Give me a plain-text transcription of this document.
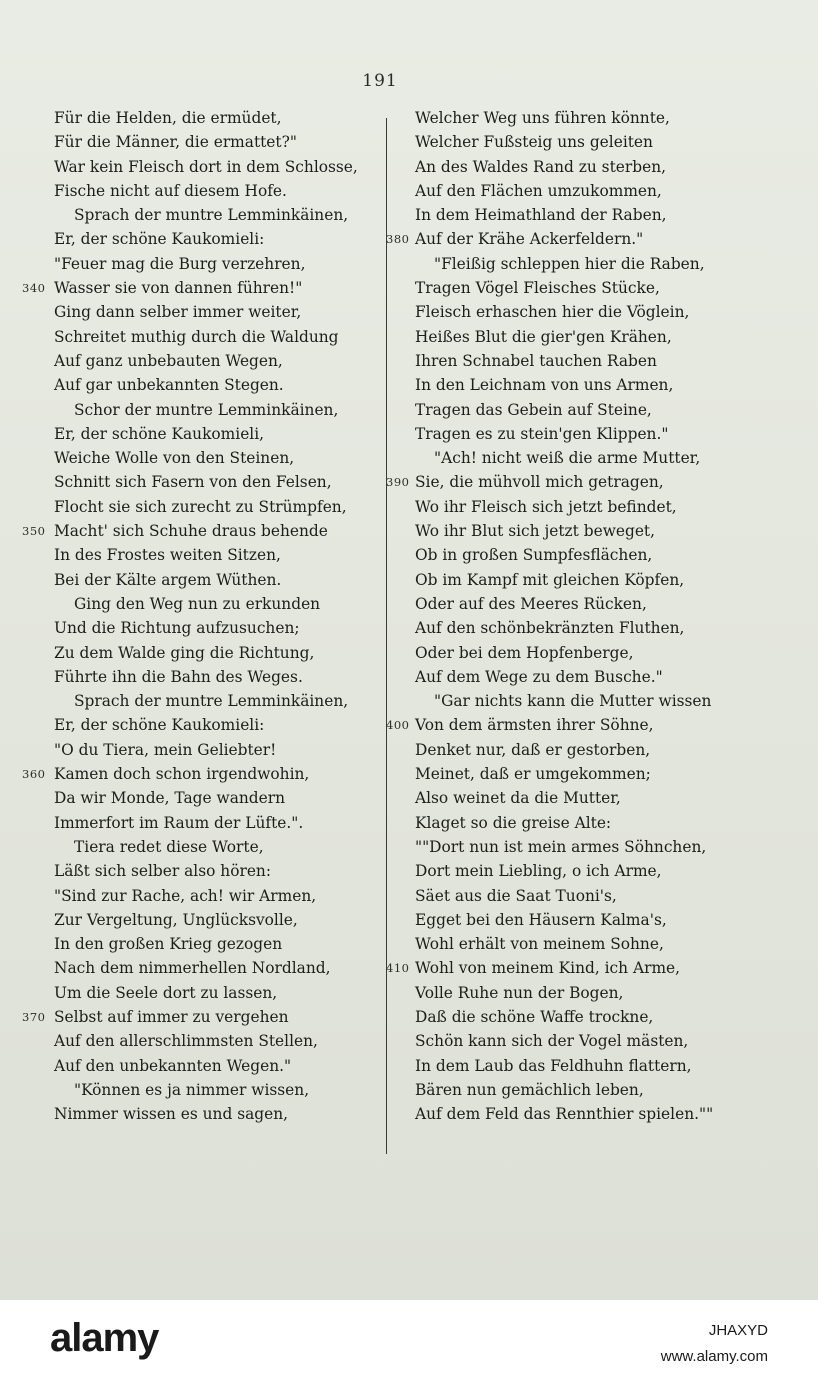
191
Für die Helden, die ermüdet,
Für die Männer, die ermattet?"
War kein Fleisch dort in dem Schlosse,
Fische nicht auf diesem Hofe.
Sprach der muntre Lemminkäinen,
Er, der schöne Kaukomieli:
"Feuer mag die Burg verzehren,
340 Wasser sie von dannen führen!"
Ging dann selber immer weiter,
Schreitet muthig durch die Waldung
Auf ganz unbebauten Wegen,
Auf gar unbekannten Stegen.
Schor der muntre Lemminkäinen,
Er, der schöne Kaukomieli,
Weiche Wolle von den Steinen,
Schnitt sich Fasern von den Felsen,
Flocht sie sich zurecht zu Strümpfen,
350 Macht' sich Schuhe draus behende
In des Frostes weiten Sitzen,
Bei der Kälte argem Wüthen.
Ging den Weg nun zu erkunden
Und die Richtung aufzusuchen;
Zu dem Walde ging die Richtung,
Führte ihn die Bahn des Weges.
Sprach der muntre Lemminkäinen,
Er, der schöne Kaukomieli:
"O du Tiera, mein Geliebter!
360 Kamen doch schon irgendwohin,
Da wir Monde, Tage wandern
Immerfort im Raum der Lüfte.".
Tiera redet diese Worte,
Läßt sich selber also hören:
"Sind zur Rache, ach! wir Armen,
Zur Vergeltung, Unglücksvolle,
In den großen Krieg gezogen
Nach dem nimmerhellen Nordland,
Um die Seele dort zu lassen,
370 Selbst auf immer zu vergehen
Auf den allerschlimmsten Stellen,
Auf den unbekannten Wegen."
"Können es ja nimmer wissen,
Nimmer wissen es und sagen,
Welcher Weg uns führen könnte,
Welcher Fußsteig uns geleiten
An des Waldes Rand zu sterben,
Auf den Flächen umzukommen,
In dem Heimathland der Raben,
380 Auf der Krähe Ackerfeldern."
"Fleißig schleppen hier die Raben,
Tragen Vögel Fleisches Stücke,
Fleisch erhaschen hier die Vöglein,
Heißes Blut die gier'gen Krähen,
Ihren Schnabel tauchen Raben
In den Leichnam von uns Armen,
Tragen das Gebein auf Steine,
Tragen es zu stein'gen Klippen."
"Ach! nicht weiß die arme Mutter,
390 Sie, die mühvoll mich getragen,
Wo ihr Fleisch sich jetzt befindet,
Wo ihr Blut sich jetzt beweget,
Ob in großen Sumpfesflächen,
Ob im Kampf mit gleichen Köpfen,
Oder auf des Meeres Rücken,
Auf den schönbekränzten Fluthen,
Oder bei dem Hopfenberge,
Auf dem Wege zu dem Busche."
"Gar nichts kann die Mutter wissen
400 Von dem ärmsten ihrer Söhne,
Denket nur, daß er gestorben,
Meinet, daß er umgekommen;
Also weinet da die Mutter,
Klaget so die greise Alte:
""Dort nun ist mein armes Söhnchen,
Dort mein Liebling, o ich Arme,
Säet aus die Saat Tuoni's,
Egget bei den Häusern Kalma's,
Wohl erhält von meinem Sohne,
410 Wohl von meinem Kind, ich Arme,
Volle Ruhe nun der Bogen,
Daß die schöne Waffe trockne,
Schön kann sich der Vogel mästen,
In dem Laub das Feldhuhn flattern,
Bären nun gemächlich leben,
Auf dem Feld das Rennthier spielen.""
alamy	JHAXYD
www.alamy.com
